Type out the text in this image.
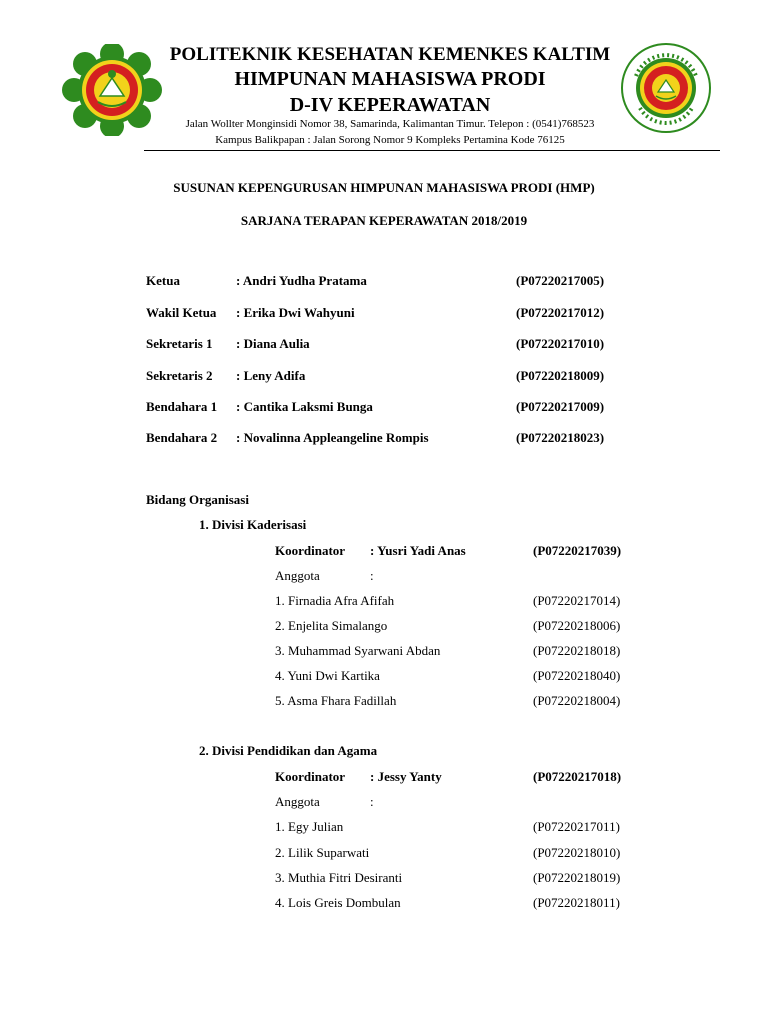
POLITEKNIK KESEHATAN KEMENKES KALTIM
HIMPUNAN MAHASISWA PRODI
D-IV KEPERAWATAN
Jalan Wollter Monginsidi Nomor 38, Samarinda, Kalimantan Timur. Telepon : (0541)768523
Kampus Balikpapan : Jalan Sorong Nomor 9 Kompleks Pertamina Kode 76125
SUSUNAN KEPENGURUSAN HIMPUNAN MAHASISWA PRODI (HMP)
SARJANA TERAPAN KEPERAWATAN 2018/2019
Ketua	: Andri Yudha Pratama	(P07220217005)
Wakil Ketua : Erika Dwi Wahyuni	(P07220217012)
Sekretaris 1 : Diana Aulia	(P07220217010)
Sekretaris 2 : Leny Adifa	(P07220218009)
Bendahara 1 : Cantika Laksmi Bunga	(P07220217009)
Bendahara 2 : Novalinna Appleangeline Rompis	(P07220218023)
Bidang Organisasi
1. Divisi Kaderisasi
Koordinator : Yusri Yadi Anas	(P07220217039)
Anggota	:
1. Firnadia Afra Afifah	(P07220217014)
2. Enjelita Simalango	(P07220218006)
3. Muhammad Syarwani Abdan	(P07220218018)
4. Yuni Dwi Kartika	(P07220218040)
5. Asma Fhara Fadillah	(P07220218004)
2. Divisi Pendidikan dan Agama
Koordinator : Jessy Yanty	(P07220217018)
Anggota	:
1. Egy Julian	(P07220217011)
2. Lilik Suparwati	(P07220218010)
3. Muthia Fitri Desiranti	(P07220218019)
4. Lois Greis Dombulan	(P07220218011)
